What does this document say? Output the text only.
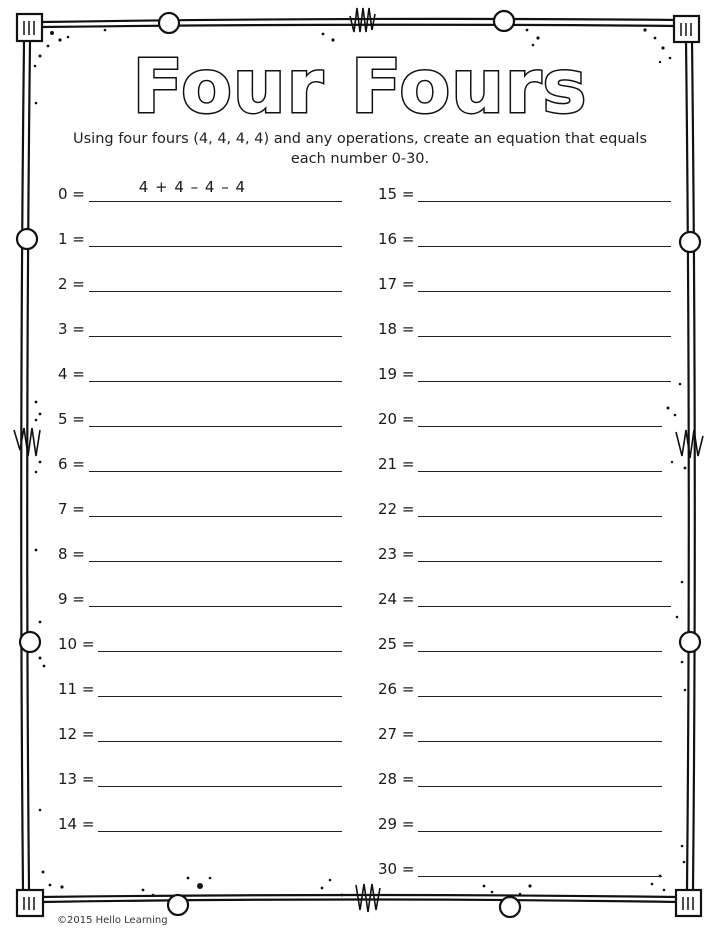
Four Fours
Using four fours (4, 4, 4, 4) and any operations, create an equation that equals each number 0-30.
0 =	4 + 4 – 4 – 4
1 =
2 =
3 =
4 =
5 =
6 =
7 =
8 =
9 =
10 =
11 =
12 =
13 =
14 =
15 =
16 =
17 =
18 =
19 =
20 =
21 =
22 =
23 =
24 =
25 =
26 =
27 =
28 =
29 =
30 =
©2015 Hello Learning
